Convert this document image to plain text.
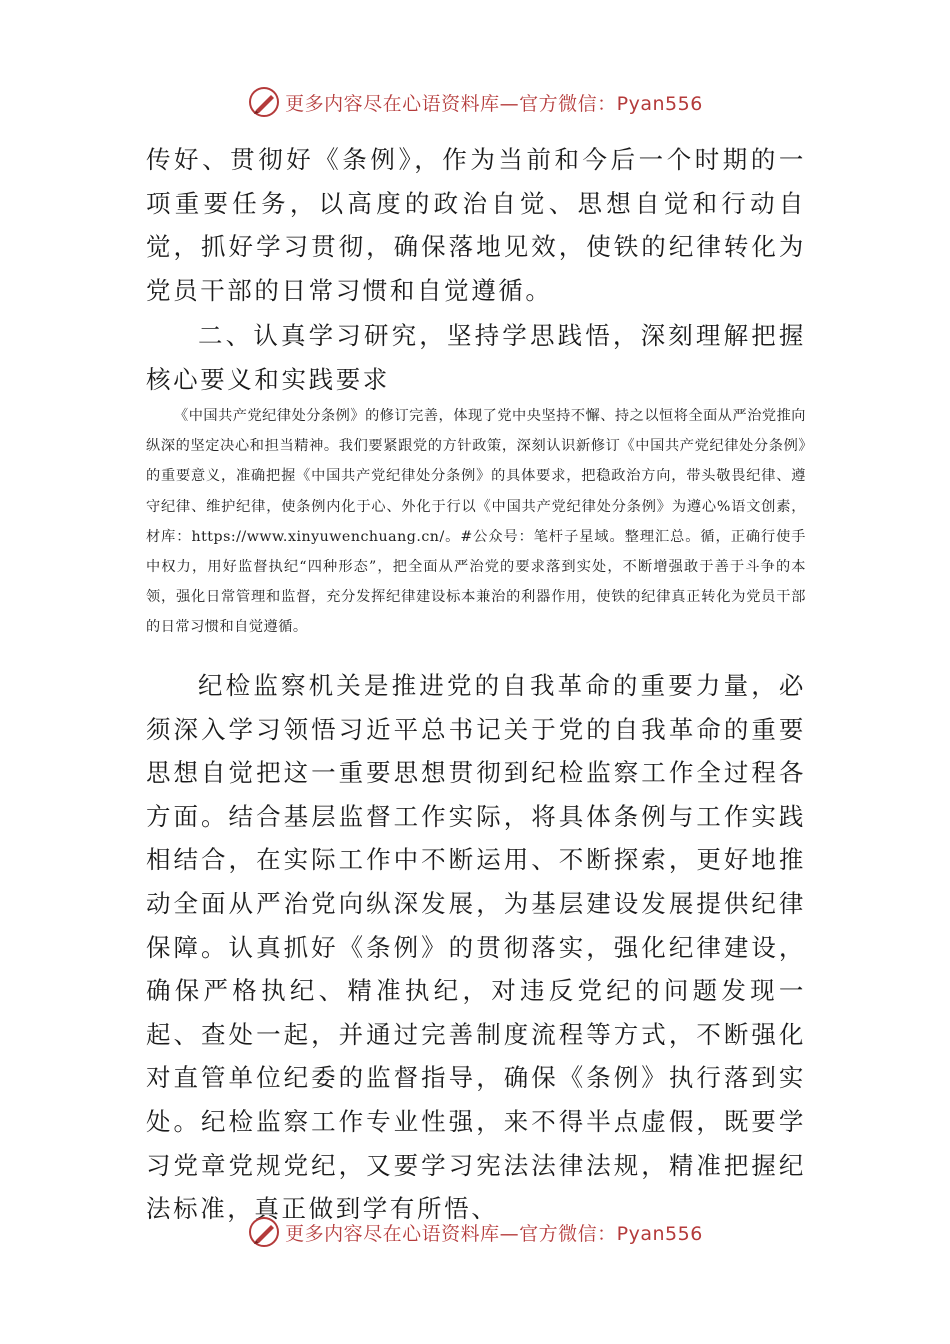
更多内容尽在心语资料库—官方微信：Pyan556

传好、贯彻好《条例》，作为当前和今后一个时期的一项重要任务，以高度的政治自觉、思想自觉和行动自觉，抓好学习贯彻，确保落地见效，使铁的纪律转化为党员干部的日常习惯和自觉遵循。

二、认真学习研究，坚持学思践悟，深刻理解把握核心要义和实践要求

《中国共产党纪律处分条例》的修订完善，体现了党中央坚持不懈、持之以恒将全面从严治党推向纵深的坚定决心和担当精神。我们要紧跟党的方针政策，深刻认识新修订《中国共产党纪律处分条例》的重要意义，准确把握《中国共产党纪律处分条例》的具体要求，把稳政治方向，带头敬畏纪律、遵守纪律、维护纪律，使条例内化于心、外化于行以《中国共产党纪律处分条例》为遵心%语文创素，材库：https://www.xinyuwenchuang.cn/。#公众号：笔杆子星域。整理汇总。循，正确行使手中权力，用好监督执纪“四种形态”，把全面从严治党的要求落到实处，不断增强敢于善于斗争的本领，强化日常管理和监督，充分发挥纪律建设标本兼治的利器作用，使铁的纪律真正转化为党员干部的日常习惯和自觉遵循。

纪检监察机关是推进党的自我革命的重要力量，必须深入学习领悟习近平总书记关于党的自我革命的重要思想自觉把这一重要思想贯彻到纪检监察工作全过程各方面。结合基层监督工作实际，将具体条例与工作实践相结合，在实际工作中不断运用、不断探索，更好地推动全面从严治党向纵深发展，为基层建设发展提供纪律保障。认真抓好《条例》的贯彻落实，强化纪律建设，确保严格执纪、精准执纪，对违反党纪的问题发现一起、查处一起，并通过完善制度流程等方式，不断强化对直管单位纪委的监督指导，确保《条例》执行落到实处。纪检监察工作专业性强，来不得半点虚假，既要学习党章党规党纪，又要学习宪法法律法规，精准把握纪法标准，真正做到学有所悟、

更多内容尽在心语资料库—官方微信：Pyan556
